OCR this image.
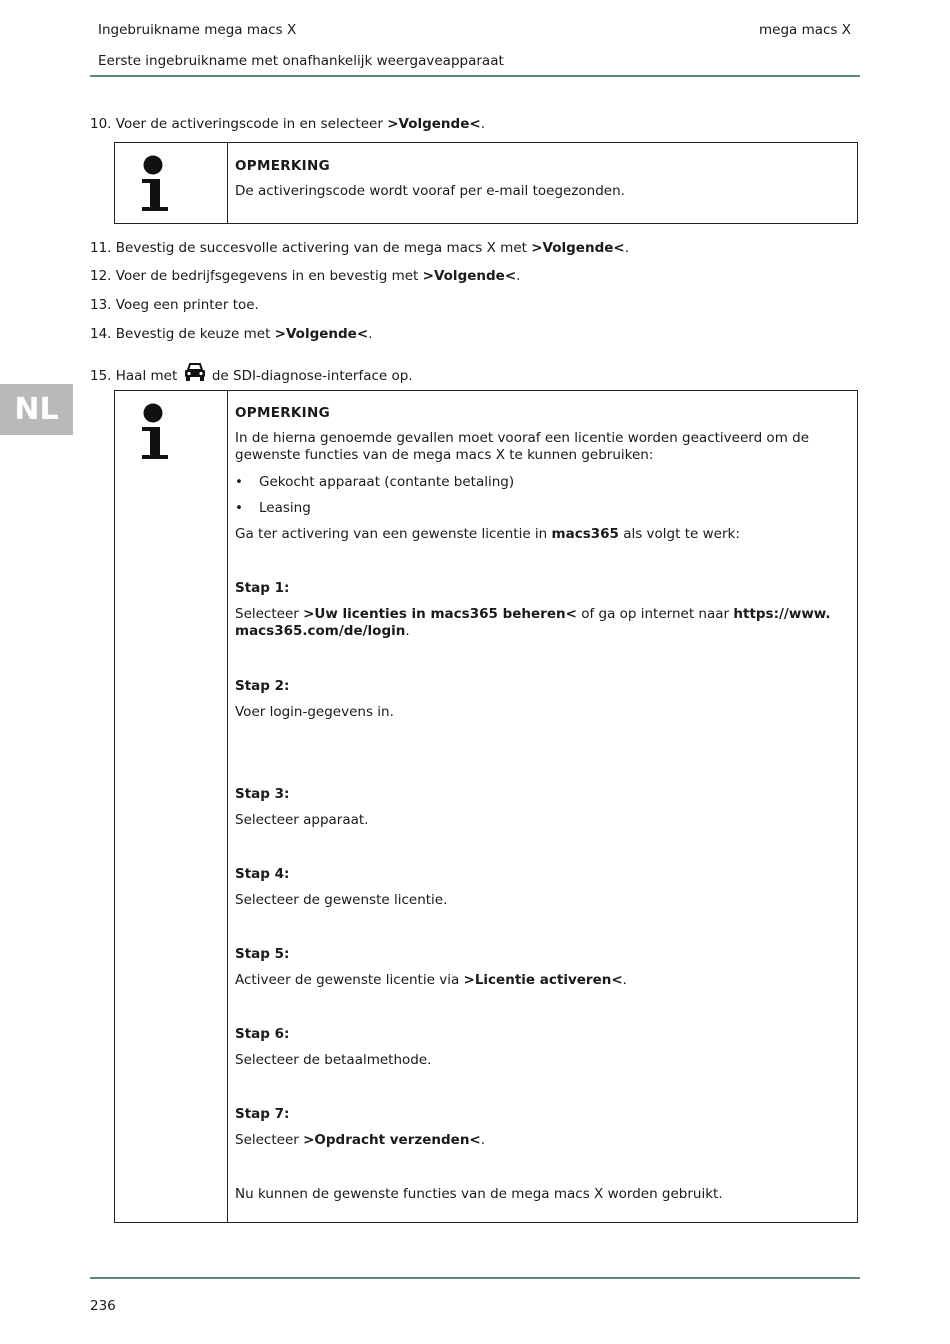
Ingebruikname mega macs X	mega macs X
Eerste ingebruikname met onafhankelijk weergaveapparaat
NL
10. Voer de activeringscode in en selecteer >Volgende<.
OPMERKING
De activeringscode wordt vooraf per e-mail toegezonden.
11. Bevestig de succesvolle activering van de mega macs X met >Volgende<.
12. Voer de bedrijfsgegevens in en bevestig met >Volgende<.
13. Voeg een printer toe.
14. Bevestig de keuze met >Volgende<.
15. Haal met  de SDI-diagnose-interface op.
OPMERKING
In de hierna genoemde gevallen moet vooraf een licentie worden geactiveerd om de gewenste functies van de mega macs X te kunnen gebruiken:
•	Gekocht apparaat (contante betaling)
•	Leasing
Ga ter activering van een gewenste licentie in macs365 als volgt te werk:
Stap 1:
Selecteer >Uw licenties in macs365 beheren< of ga op internet naar https://www.
macs365.com/de/login.
Stap 2:
Voer login-gegevens in.
Stap 3:
Selecteer apparaat.
Stap 4:
Selecteer de gewenste licentie.
Stap 5:
Activeer de gewenste licentie via >Licentie activeren<.
Stap 6:
Selecteer de betaalmethode.
Stap 7:
Selecteer >Opdracht verzenden<.
Nu kunnen de gewenste functies van de mega macs X worden gebruikt.
236
